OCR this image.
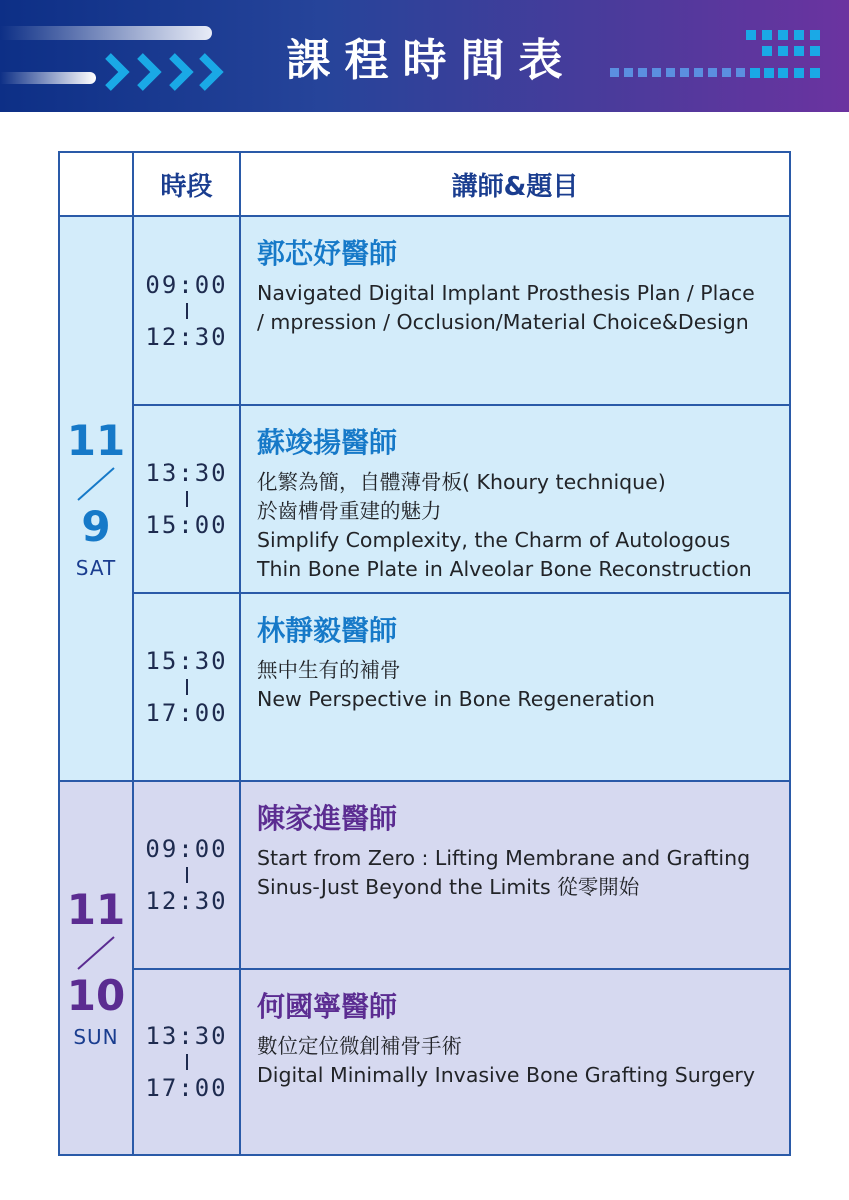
課程時間表
時段	講師&題目
11
9
SAT
09:00
12:30
郭芯妤醫師
Navigated Digital Implant Prosthesis Plan / Place
/ mpression / Occlusion/Material Choice&Design
13:30
15:00
蘇竣揚醫師
化繁為簡，自體薄骨板( Khoury technique)
於齒槽骨重建的魅力
Simplify Complexity, the Charm of Autologous
Thin Bone Plate in Alveolar Bone Reconstruction
15:30
17:00
林靜毅醫師
無中生有的補骨
New Perspective in Bone Regeneration
11
10
SUN
09:00
12:30
陳家進醫師
Start from Zero : Lifting Membrane and Grafting
Sinus-Just Beyond the Limits 從零開始
13:30
17:00
何國寧醫師
數位定位微創補骨手術
Digital Minimally Invasive Bone Grafting Surgery
